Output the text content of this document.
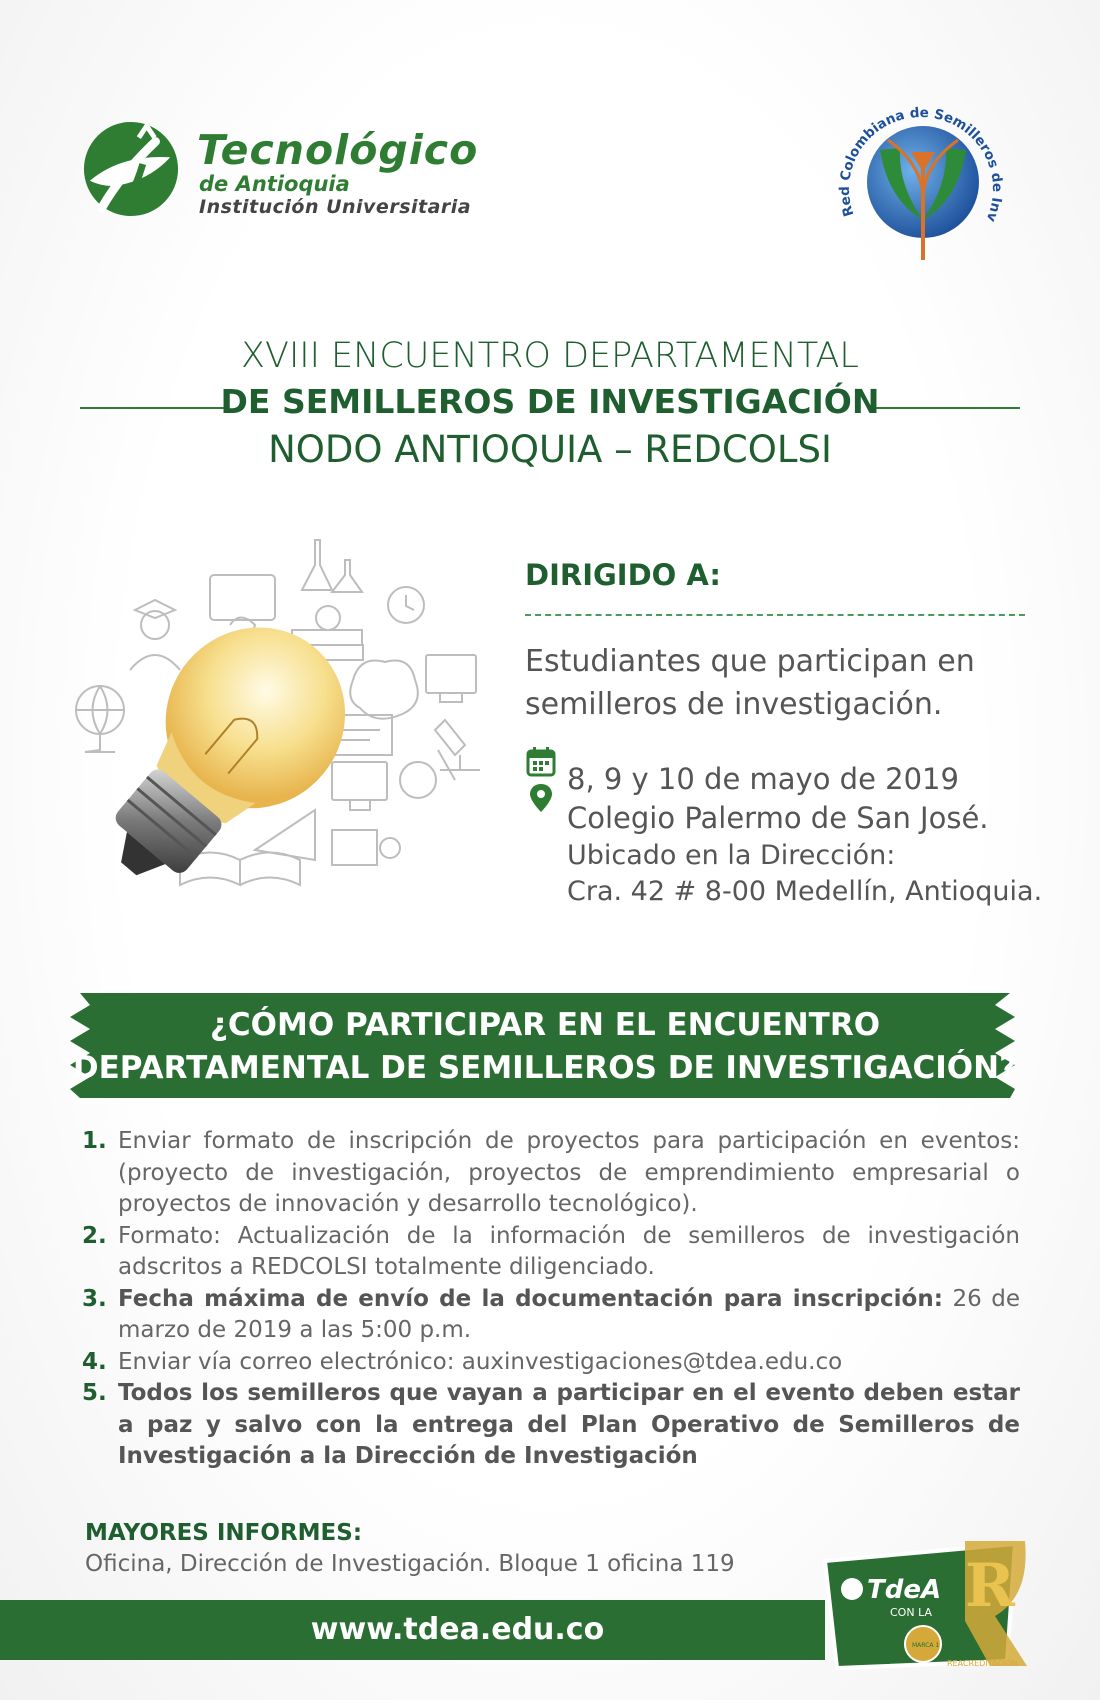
Tecnológico
de Antioquia
Institución Universitaria	Red Colombiana de Semilleros de Inv
XVIII ENCUENTRO DEPARTAMENTAL
DE SEMILLEROS DE INVESTIGACIÓN
NODO ANTIOQUIA – REDCOLSI
DIRIGIDO A:
Estudiantes que participan en semilleros de investigación.
8, 9 y 10 de mayo de 2019
Colegio Palermo de San José.
Ubicado en la Dirección:
Cra. 42 # 8-00 Medellín, Antioquia.
¿CÓMO PARTICIPAR EN EL ENCUENTRO
DEPARTAMENTAL DE SEMILLEROS DE INVESTIGACIÓN?
1. Enviar formato de inscripción de proyectos para participación en eventos: (proyecto de investigación, proyectos de emprendimiento empresarial o proyectos de innovación y desarrollo tecnológico).
2. Formato: Actualización de la información de semilleros de investigación adscritos a REDCOLSI totalmente diligenciado.
3. Fecha máxima de envío de la documentación para inscripción: 26 de marzo de 2019 a las 5:00 p.m.
4. Enviar vía correo electrónico: auxinvestigaciones@tdea.edu.co
5. Todos los semilleros que vayan a participar en el evento deben estar a paz y salvo con la entrega del Plan Operativo de Semilleros de Investigación a la Dirección de Investigación
MAYORES INFORMES:
Oficina, Dirección de Investigación. Bloque 1 oficina 119
www.tdea.edu.co
TdeA
CON LA R
MARCA 1
REACREDITACIÓN
